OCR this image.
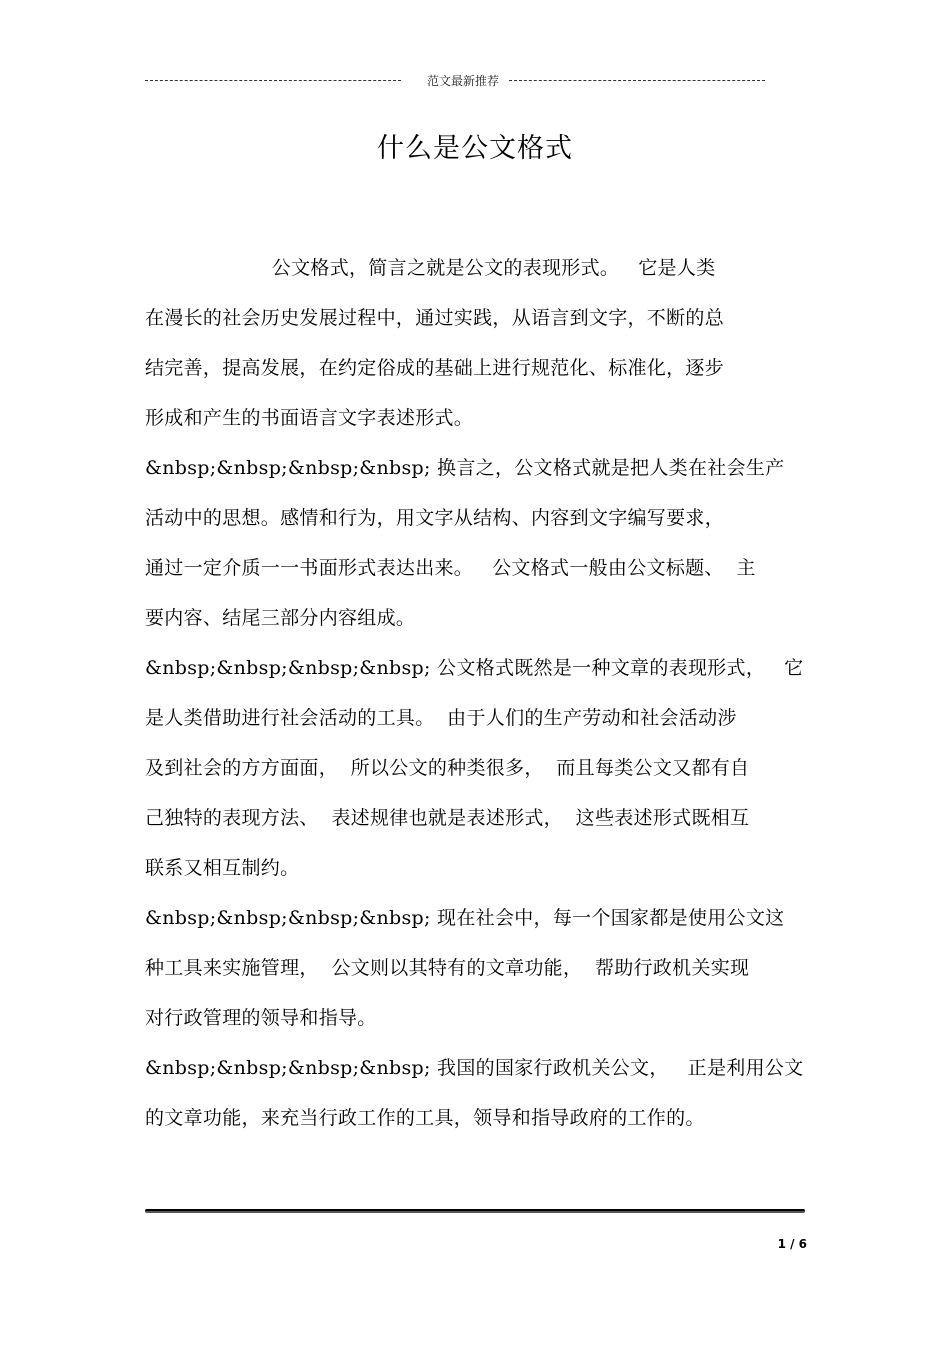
范文最新推荐
什么是公文格式
公文格式，简言之就是公文的表现形式。   它是人类
在漫长的社会历史发展过程中，通过实践，从语言到文字，不断的总
结完善，提高发展，在约定俗成的基础上进行规范化、标准化，逐步
形成和产生的书面语言文字表述形式。
&nbsp;&nbsp;&nbsp;&nbsp; 换言之，公文格式就是把人类在社会生产
活动中的思想。感情和行为，用文字从结构、内容到文字编写要求，
通过一定介质一一书面形式表达出来。   公文格式一般由公文标题、  主
要内容、结尾三部分内容组成。
&nbsp;&nbsp;&nbsp;&nbsp; 公文格式既然是一种文章的表现形式，   它
是人类借助进行社会活动的工具。  由于人们的生产劳动和社会活动涉
及到社会的方方面面，  所以公文的种类很多，  而且每类公文又都有自
己独特的表现方法、  表述规律也就是表述形式，  这些表述形式既相互
联系又相互制约。
&nbsp;&nbsp;&nbsp;&nbsp; 现在社会中，每一个国家都是使用公文这
种工具来实施管理，  公文则以其特有的文章功能，  帮助行政机关实现
对行政管理的领导和指导。
&nbsp;&nbsp;&nbsp;&nbsp; 我国的国家行政机关公文，   正是利用公文
的文章功能，来充当行政工作的工具，领导和指导政府的工作的。
1 / 6
